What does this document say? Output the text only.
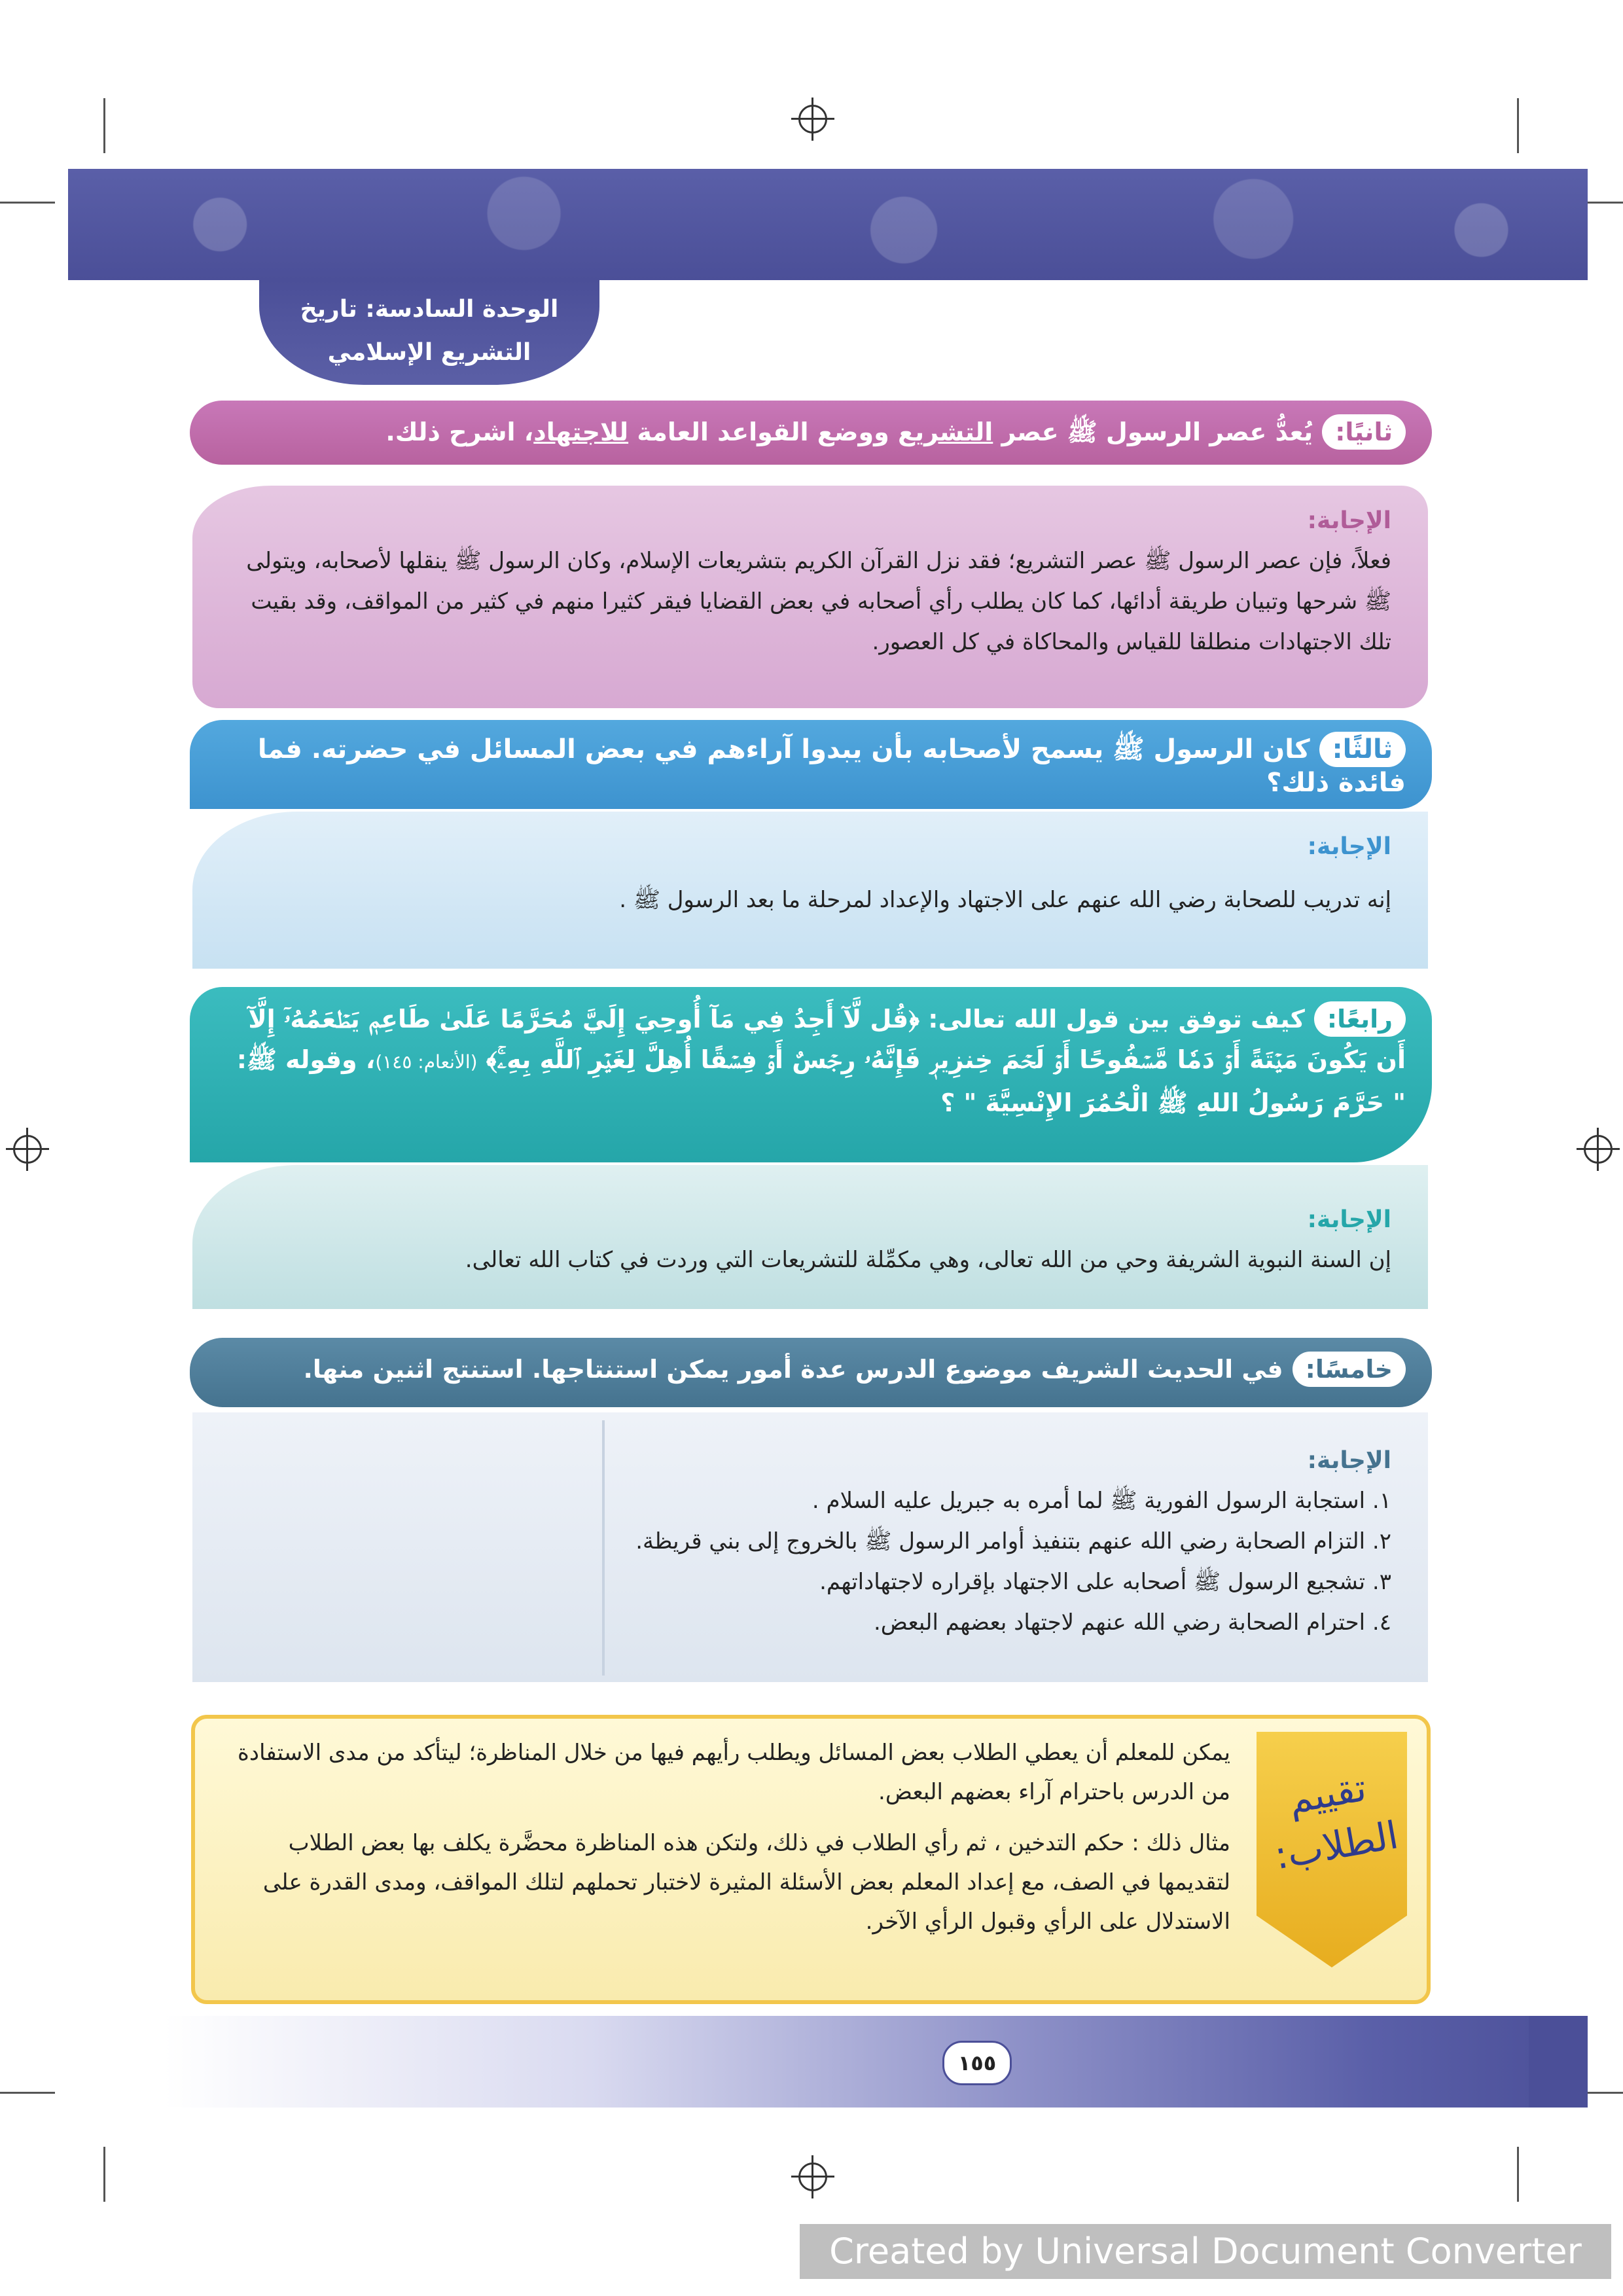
الوحدة السادسة: تاريخ التشريع الإسلامي
ثانيًا:يُعدُّ عصر الرسول ﷺ عصر التشريع ووضع القواعد العامة للاجتهاد، اشرح ذلك.
الإجابة:
فعلاً، فإن عصر الرسول ﷺ عصر التشريع؛ فقد نزل القرآن الكريم بتشريعات الإسلام، وكان الرسول ﷺ ينقلها لأصحابه، ويتولى ﷺ شرحها وتبيان طريقة أدائها، كما كان يطلب رأي أصحابه في بعض القضايا فيقر كثيرا منهم في كثير من المواقف، وقد بقيت تلك الاجتهادات منطلقا للقياس والمحاكاة في كل العصور.
ثالثًا:كان الرسول ﷺ يسمح لأصحابه بأن يبدوا آراءهم في بعض المسائل في حضرته. فما فائدة ذلك؟
الإجابة:
إنه تدريب للصحابة رضي الله عنهم على الاجتهاد والإعداد لمرحلة ما بعد الرسول ﷺ .
رابعًا:كيف توفق بين قول الله تعالى: ﴿قُل لَّآ أَجِدُ فِي مَآ أُوحِيَ إِلَيَّ مُحَرَّمًا عَلَىٰ طَاعِمٖ يَطۡعَمُهُۥٓ إِلَّآ أَن يَكُونَ مَيۡتَةً أَوۡ دَمٗا مَّسۡفُوحًا أَوۡ لَحۡمَ خِنزِيرٖ فَإِنَّهُۥ رِجۡسٌ أَوۡ فِسۡقًا أُهِلَّ لِغَيۡرِ ٱللَّهِ بِهِۦۚ﴾ (الأنعام: ١٤٥)، وقوله ﷺ: " حَرَّمَ رَسُولُ اللهِ ﷺ الْحُمُرَ الإِنْسِيَّةَ " ؟
الإجابة:
إن السنة النبوية الشريفة وحي من الله تعالى، وهي مكمِّلة للتشريعات التي وردت في كتاب الله تعالى.
خامسًا:في الحديث الشريف موضوع الدرس عدة أمور يمكن استنتاجها. استنتج اثنين منها.
الإجابة:
١. استجابة الرسول الفورية ﷺ لما أمره به جبريل عليه السلام .
٢. التزام الصحابة رضي الله عنهم بتنفيذ أوامر الرسول ﷺ بالخروج إلى بني قريظة.
٣. تشجيع الرسول ﷺ أصحابه على الاجتهاد بإقراره لاجتهاداتهم.
٤. احترام الصحابة رضي الله عنهم لاجتهاد بعضهم البعض.
تقييم الطلاب:

يمكن للمعلم أن يعطي الطلاب بعض المسائل ويطلب رأيهم فيها من خلال المناظرة؛ ليتأكد من مدى الاستفادة من الدرس باحترام آراء بعضهم البعض.

مثال ذلك : حكم التدخين ، ثم رأي الطلاب في ذلك، ولتكن هذه المناظرة محضَّرة يكلف بها بعض الطلاب لتقديمها في الصف، مع إعداد المعلم بعض الأسئلة المثيرة لاختبار تحملهم لتلك المواقف، ومدى القدرة على الاستدلال على الرأي وقبول الرأي الآخر.

١٥٥
Created by Universal Document Converter
